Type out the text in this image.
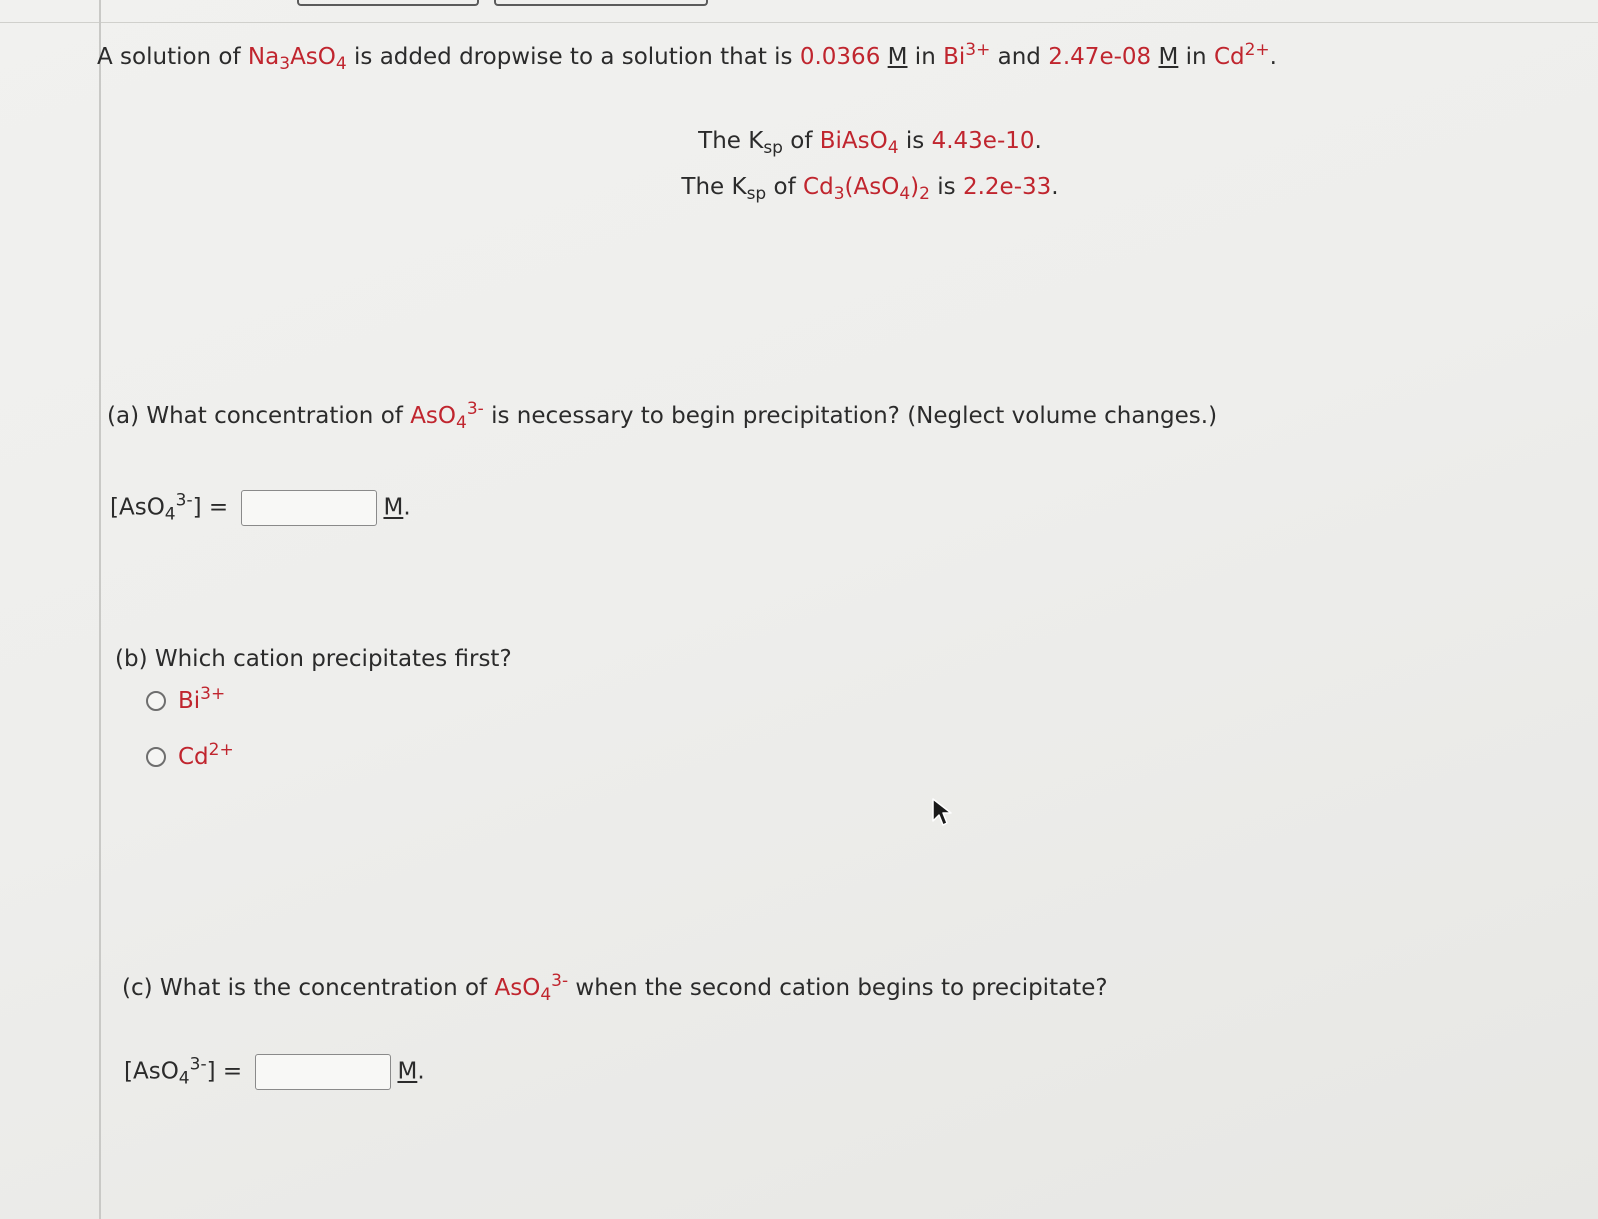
A solution of $Na_3AsO_4$ is added dropwise to a solution that is 0.0366 M in $Bi^{3+}$ and 2.47e-08 M in $Cd^{2+}$.
The $K_{sp}$ of BiAsO$_4$ is 4.43e-10.
The $K_{sp}$ of $Cd_3(AsO_4)_2$ is 2.2e-33.
(a) What concentration of AsO$_4^{3-}$ is necessary to begin precipitation? (Neglect volume changes.)
[AsO$_4^{3-}$] =	M.
(b) Which cation precipitates first?
$Bi^{3+}$
$Cd^{2+}$
(c) What is the concentration of AsO$_4^{3-}$ when the second cation begins to precipitate?
[AsO$_4^{3-}$] =	M.
